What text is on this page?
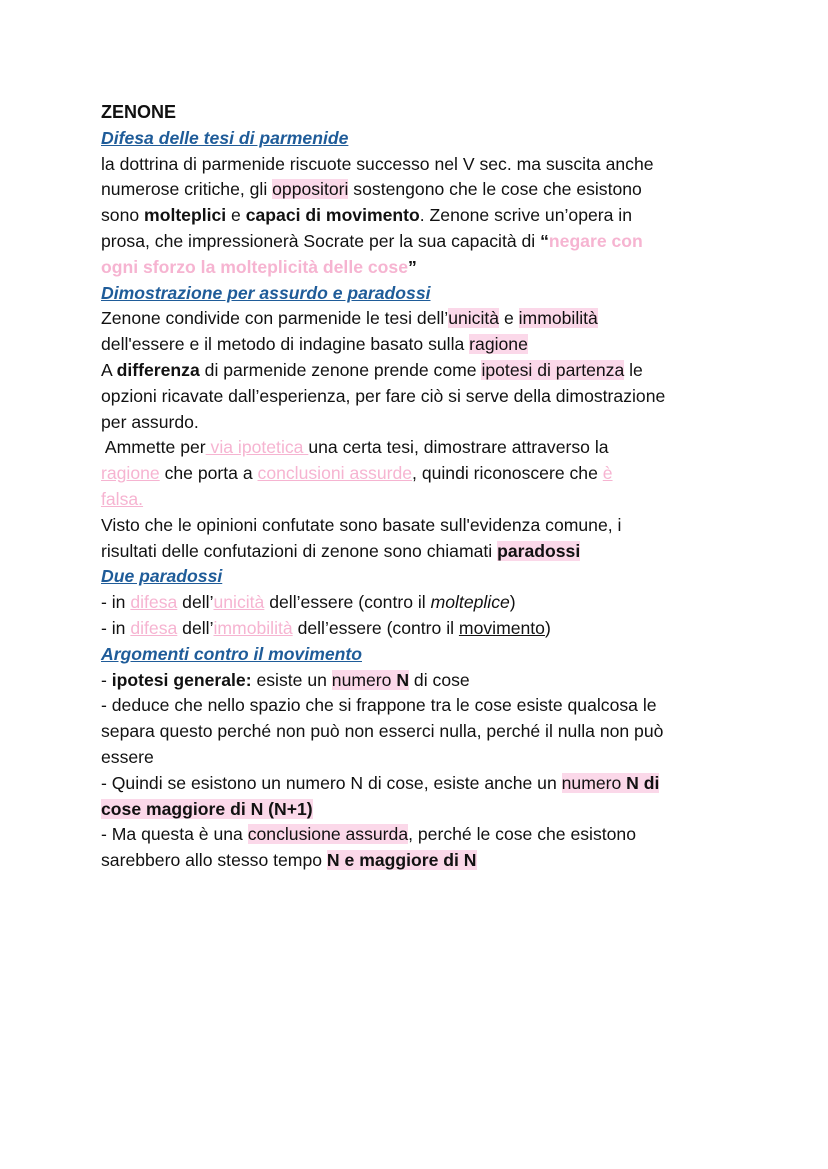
ZENONE

Difesa delle tesi di parmenide

la dottrina di parmenide riscuote successo nel V sec. ma suscita anche

numerose critiche, gli oppositori sostengono che le cose che esistono

sono molteplici e capaci di movimento. Zenone scrive un’opera in

prosa, che impressionerà Socrate per la sua capacità di “negare con

ogni sforzo la molteplicità delle cose”

Dimostrazione per assurdo e paradossi

Zenone condivide con parmenide le tesi dell’unicità e immobilità

dell'essere e il metodo di indagine basato sulla ragione

A differenza di parmenide zenone prende come ipotesi di partenza le

opzioni ricavate dall’esperienza, per fare ciò si serve della dimostrazione

per assurdo.

Ammette per via ipotetica una certa tesi, dimostrare attraverso la

ragione che porta a conclusioni assurde, quindi riconoscere che è

falsa.

Visto che le opinioni confutate sono basate sull'evidenza comune, i

risultati delle confutazioni di zenone sono chiamati paradossi

Due paradossi

- in difesa dell’unicità dell’essere (contro il molteplice)

- in difesa dell’immobilità dell’essere (contro il movimento)

Argomenti contro il movimento

- ipotesi generale: esiste un numero N di cose

- deduce che nello spazio che si frappone tra le cose esiste qualcosa le

separa questo perché non può non esserci nulla, perché il nulla non può

essere

- Quindi se esistono un numero N di cose, esiste anche un numero N di

cose maggiore di N (N+1)

- Ma questa è una conclusione assurda, perché le cose che esistono

sarebbero allo stesso tempo N e maggiore di N
